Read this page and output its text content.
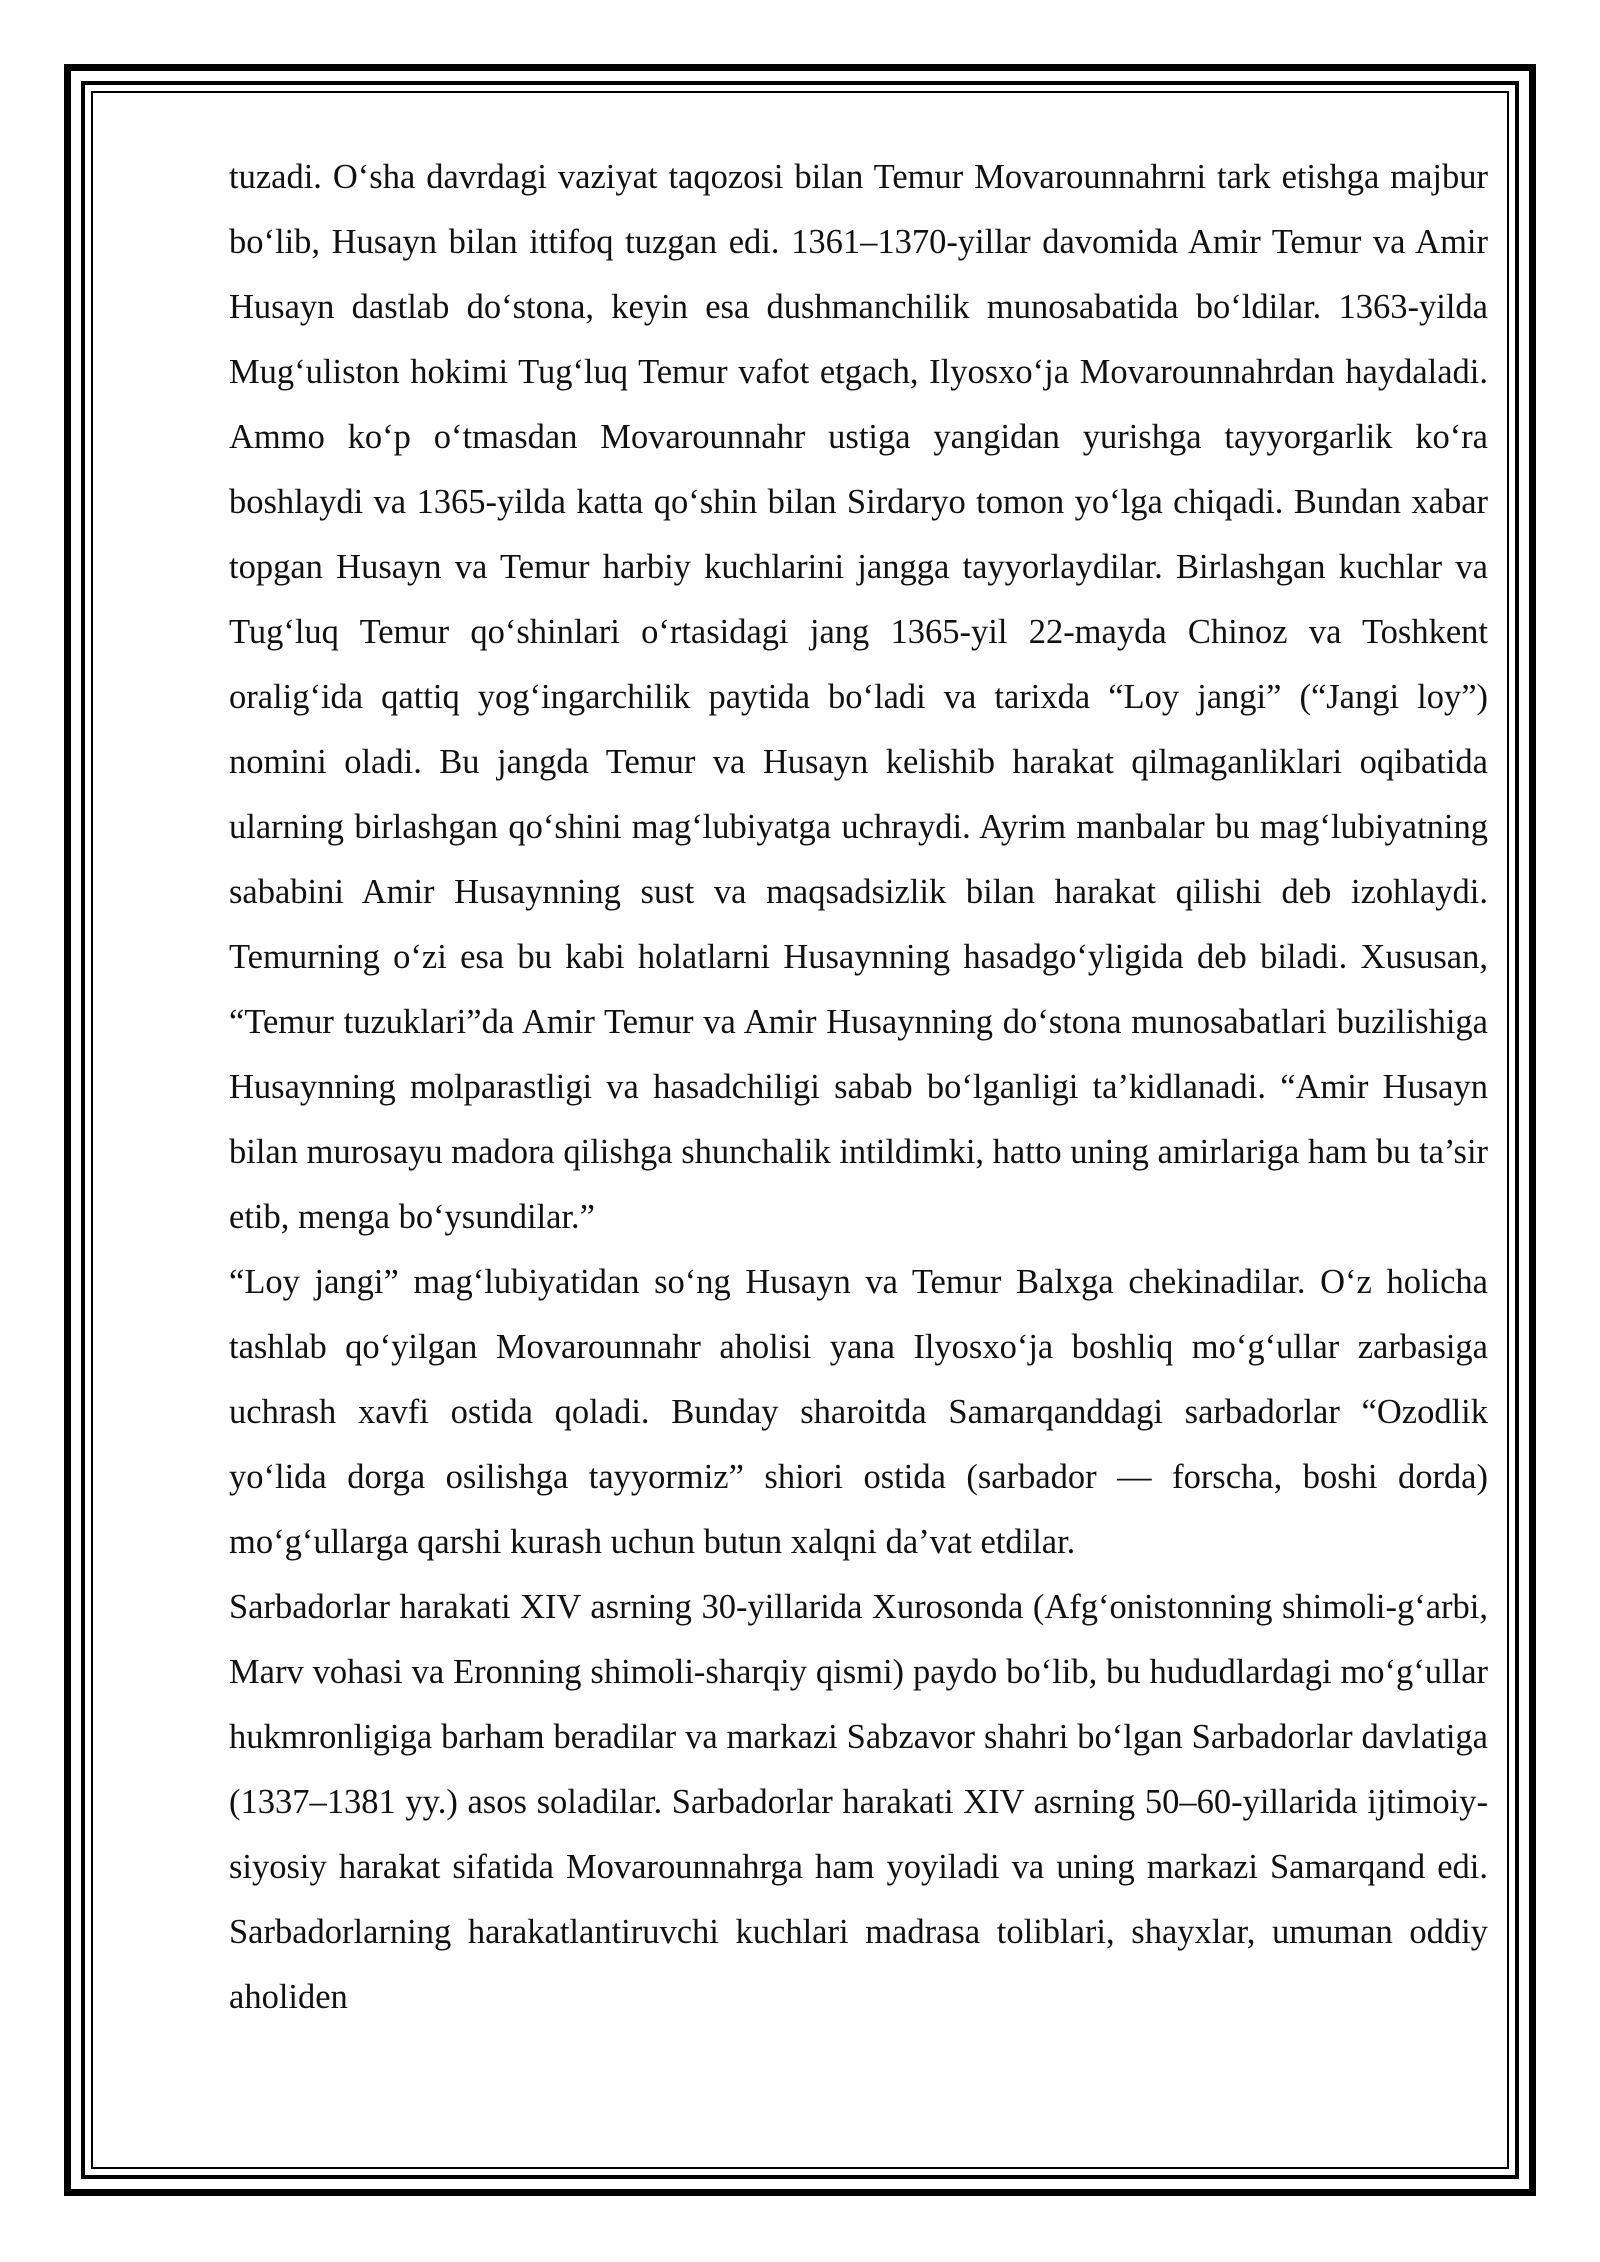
tuzadi. O‘sha davrdagi vaziyat taqozosi bilan Temur Movarounnahrni tark etishga majbur bo‘lib, Husayn bilan ittifoq tuzgan edi. 1361–1370-yillar davomida Amir Temur va Amir Husayn dastlab do‘stona, keyin esa dushmanchilik munosabatida bo‘ldilar. 1363-yilda Mug‘uliston hokimi Tug‘luq Temur vafot etgach, Ilyosxo‘ja Movarounnahrdan haydaladi. Ammo ko‘p o‘tmasdan Movarounnahr ustiga yangidan yurishga tayyorgarlik ko‘ra boshlaydi va 1365-yilda katta qo‘shin bilan Sirdaryo tomon yo‘lga chiqadi. Bundan xabar topgan Husayn va Temur harbiy kuchlarini jangga tayyorlaydilar. Birlashgan kuchlar va Tug‘luq Temur qo‘shinlari o‘rtasidagi jang 1365-yil 22-mayda Chinoz va Toshkent oralig‘ida qattiq yog‘ingarchilik paytida bo‘ladi va tarixda “Loy jangi” (“Jangi loy”) nomini oladi. Bu jangda Temur va Husayn kelishib harakat qilmaganliklari oqibatida ularning birlashgan qo‘shini mag‘lubiyatga uchraydi. Ayrim manbalar bu mag‘lubiyatning sababini Amir Husaynning sust va maqsadsizlik bilan harakat qilishi deb izohlaydi. Temurning o‘zi esa bu kabi holatlarni Husaynning hasadgo‘yligida deb biladi. Xususan, “Temur tuzuklari”da Amir Temur va Amir Husaynning do‘stona munosabatlari buzilishiga Husaynning molparastligi va hasadchiligi sabab bo‘lganligi ta’kidlanadi. “Amir Husayn bilan murosayu madora qilishga shunchalik intildimki, hatto uning amirlariga ham bu ta’sir etib, menga bo‘ysundilar.”

“Loy jangi” mag‘lubiyatidan so‘ng Husayn va Temur Balxga chekinadilar. O‘z holicha tashlab qo‘yilgan Movarounnahr aholisi yana Ilyosxo‘ja boshliq mo‘g‘ullar zarbasiga uchrash xavfi ostida qoladi. Bunday sharoitda Samarqanddagi sarbadorlar “Ozodlik yo‘lida dorga osilishga tayyormiz” shiori ostida (sarbador — forscha, boshi dorda) mo‘g‘ullarga qarshi kurash uchun butun xalqni da’vat etdilar.

Sarbadorlar harakati XIV asrning 30-yillarida Xurosonda (Afg‘onistonning shimoli-g‘arbi, Marv vohasi va Eronning shimoli-sharqiy qismi) paydo bo‘lib, bu hududlardagi mo‘g‘ullar hukmronligiga barham beradilar va markazi Sabzavor shahri bo‘lgan Sarbadorlar davlatiga (1337–1381 yy.) asos soladilar. Sarbadorlar harakati XIV asrning 50–60-yillarida ijtimoiy-siyosiy harakat sifatida Movarounnahrga ham yoyiladi va uning markazi Samarqand edi. Sarbadorlarning harakatlantiruvchi kuchlari madrasa toliblari, shayxlar, umuman oddiy aholiden
